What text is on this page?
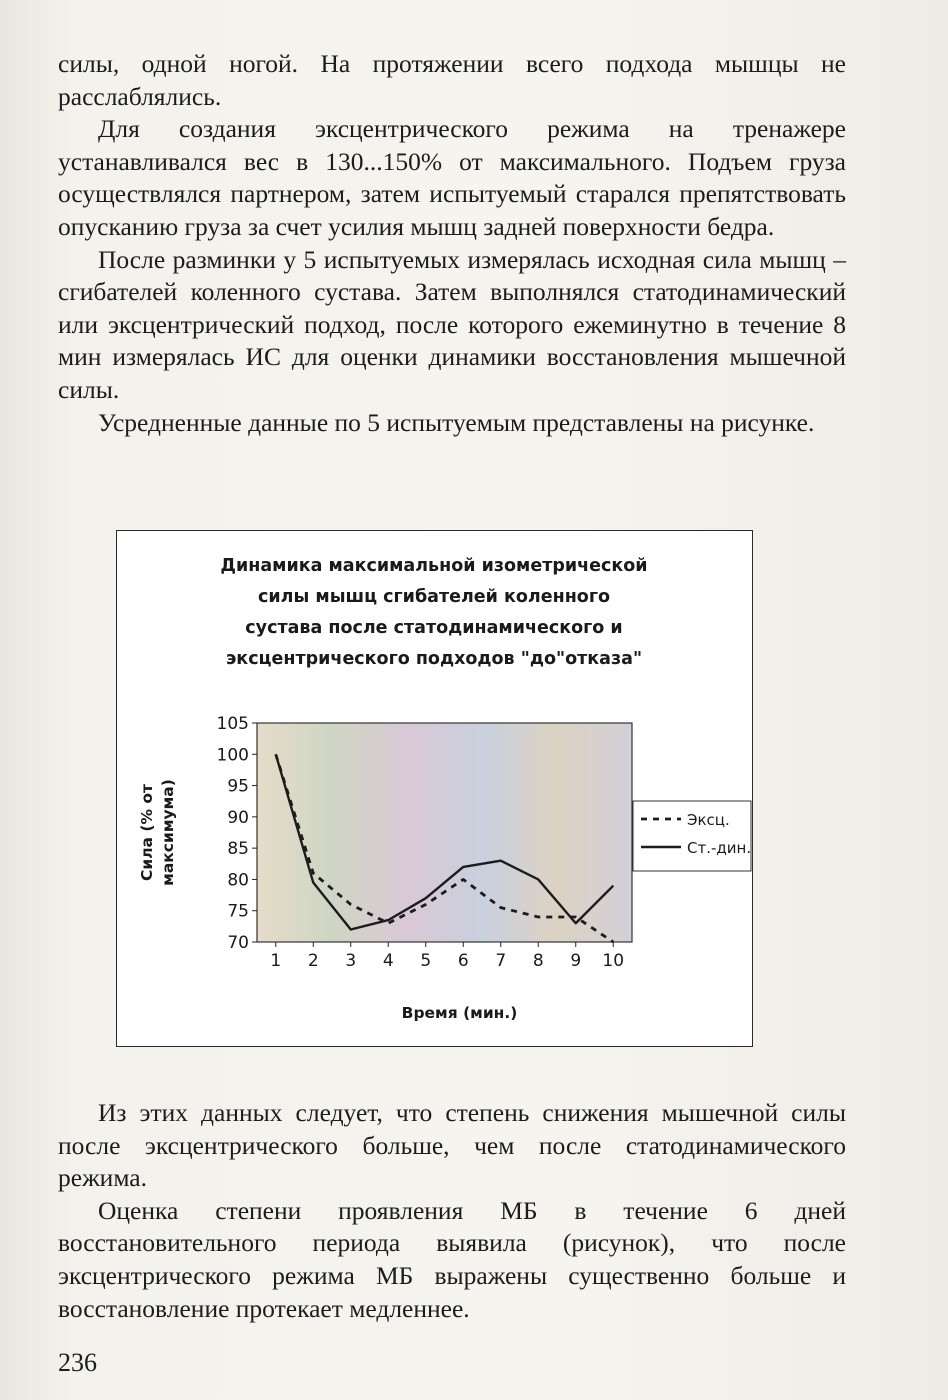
силы, одной ногой. На протяжении всего подхода мышцы не расслаблялись.

Для создания эксцентрического режима на тренажере устанавливался вес в 130...150% от максимального. Подъем груза осуществлялся партнером, затем испытуемый старался препятствовать опусканию груза за счет усилия мышц задней поверхности бедра.

После разминки у 5 испытуемых измерялась исходная сила мышц – сгибателей коленного сустава. Затем выполнялся статодинамический или эксцентрический подход, после которого ежеминутно в течение 8 мин измерялась ИС для оценки динамики восстановления мышечной силы.

Усредненные данные по 5 испытуемым представлены на рисунке.

Динамика максимальной изометрической
силы мышц сгибателей коленного
сустава после статодинамического и
эксцентрического подходов "до"отказа"
70
75
80
85
90
95
100
105
1 2 3 4 5 6 7 8 9 10
Время (мин.)
Сила (% от максимума)	Эксц.
Ст.-дин.

Из этих данных следует, что степень снижения мышечной силы после эксцентрического больше, чем после статодинамического режима.

Оценка степени проявления МБ в течение 6 дней восстановительного периода выявила (рисунок), что после эксцентрического режима МБ выражены существенно больше и восстановление протекает медленнее.

236
